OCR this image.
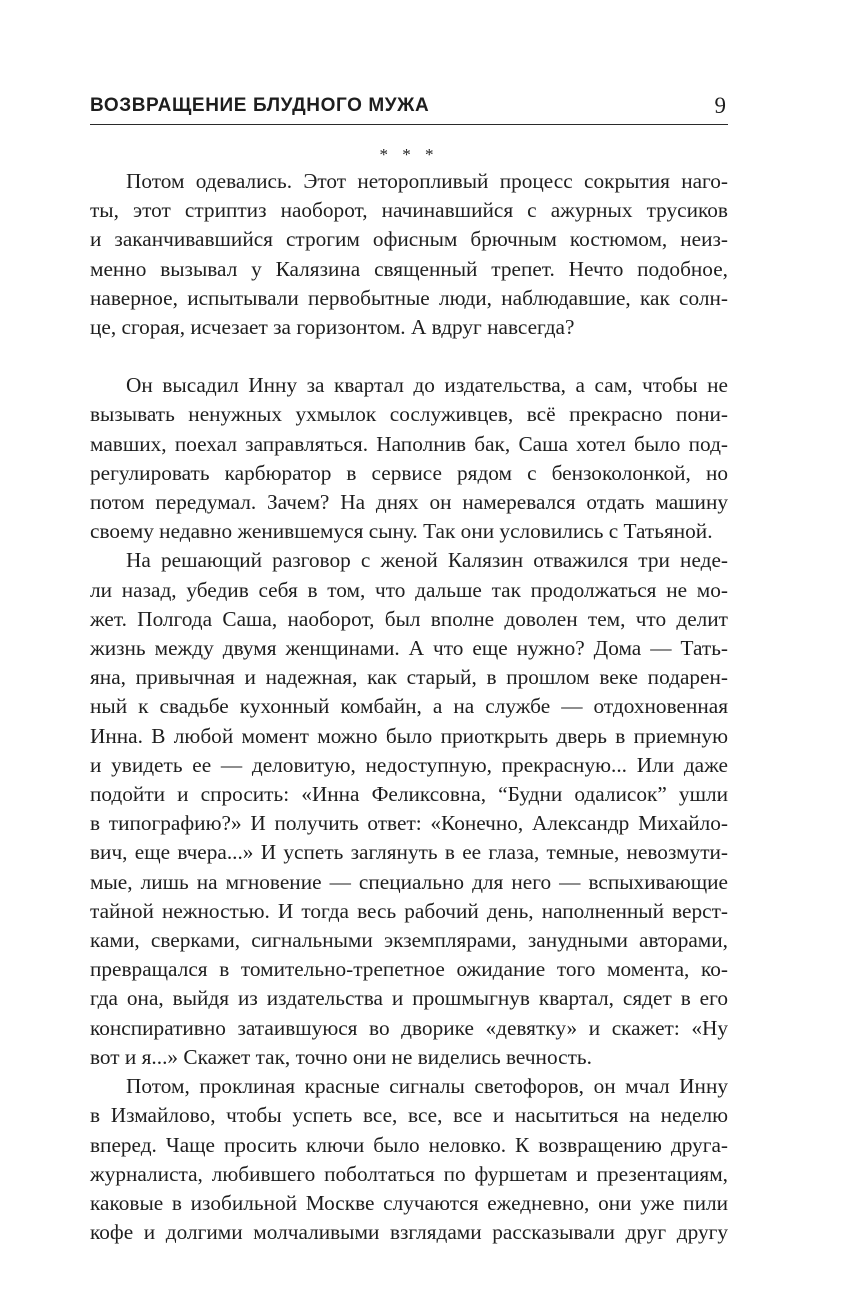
ВОЗВРАЩЕНИЕ БЛУДНОГО МУЖА	9
* * *
Потом одевались. Этот неторопливый процесс сокрытия наго-
ты, этот стриптиз наоборот, начинавшийся с ажурных трусиков
и заканчивавшийся строгим офисным брючным костюмом, неиз-
менно вызывал у Калязина священный трепет. Нечто подобное,
наверное, испытывали первобытные люди, наблюдавшие, как солн-
це, сгорая, исчезает за горизонтом. А вдруг навсегда?
Он высадил Инну за квартал до издательства, а сам, чтобы не
вызывать ненужных ухмылок сослуживцев, всё прекрасно пони-
мавших, поехал заправляться. Наполнив бак, Саша хотел было под-
регулировать карбюратор в сервисе рядом с бензоколонкой, но
потом передумал. Зачем? На днях он намеревался отдать машину
своему недавно женившемуся сыну. Так они условились с Татьяной.
На решающий разговор с женой Калязин отважился три неде-
ли назад, убедив себя в том, что дальше так продолжаться не мо-
жет. Полгода Саша, наоборот, был вполне доволен тем, что делит
жизнь между двумя женщинами. А что еще нужно? Дома — Тать-
яна, привычная и надежная, как старый, в прошлом веке подарен-
ный к свадьбе кухонный комбайн, а на службе — отдохновенная
Инна. В любой момент можно было приоткрыть дверь в приемную
и увидеть ее — деловитую, недоступную, прекрасную... Или даже
подойти и спросить: «Инна Феликсовна, “Будни одалисок” ушли
в типографию?» И получить ответ: «Конечно, Александр Михайло-
вич, еще вчера...» И успеть заглянуть в ее глаза, темные, невозмути-
мые, лишь на мгновение — специально для него — вспыхивающие
тайной нежностью. И тогда весь рабочий день, наполненный верст-
ками, сверками, сигнальными экземплярами, занудными авторами,
превращался в томительно-трепетное ожидание того момента, ко-
гда она, выйдя из издательства и прошмыгнув квартал, сядет в его
конспиративно затаившуюся во дворике «девятку» и скажет: «Ну
вот и я...» Скажет так, точно они не виделись вечность.
Потом, проклиная красные сигналы светофоров, он мчал Инну
в Измайлово, чтобы успеть все, все, все и насытиться на неделю
вперед. Чаще просить ключи было неловко. К возвращению друга-
журналиста, любившего поболтаться по фуршетам и презентациям,
каковые в изобильной Москве случаются ежедневно, они уже пили
кофе и долгими молчаливыми взглядами рассказывали друг другу
